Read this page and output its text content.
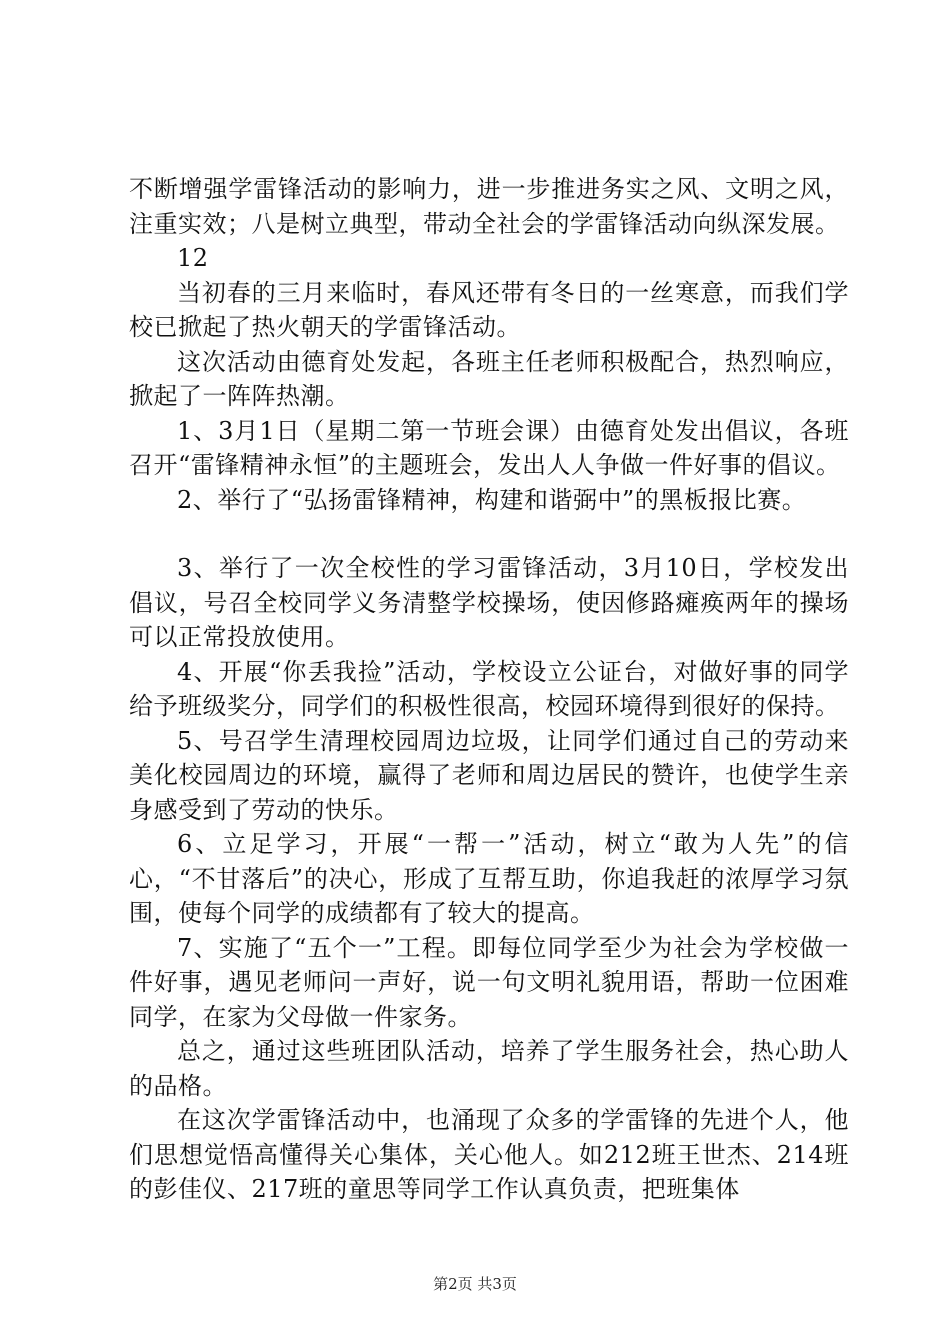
不断增强学雷锋活动的影响力，进一步推进务实之风、文明之风，注重实效；八是树立典型，带动全社会的学雷锋活动向纵深发展。

12

当初春的三月来临时，春风还带有冬日的一丝寒意，而我们学校已掀起了热火朝天的学雷锋活动。

这次活动由德育处发起，各班主任老师积极配合，热烈响应，掀起了一阵阵热潮。

1、3月1日（星期二第一节班会课）由德育处发出倡议，各班召开“雷锋精神永恒”的主题班会，发出人人争做一件好事的倡议。

2、举行了“弘扬雷锋精神，构建和谐弼中”的黑板报比赛。

3、举行了一次全校性的学习雷锋活动，3月10日，学校发出倡议，号召全校同学义务清整学校操场，使因修路瘫痪两年的操场可以正常投放使用。

4、开展“你丢我捡”活动，学校设立公证台，对做好事的同学给予班级奖分，同学们的积极性很高，校园环境得到很好的保持。

5、号召学生清理校园周边垃圾，让同学们通过自己的劳动来美化校园周边的环境，赢得了老师和周边居民的赞许，也使学生亲身感受到了劳动的快乐。

6、立足学习，开展“一帮一”活动，树立“敢为人先”的信心，“不甘落后”的决心，形成了互帮互助，你追我赶的浓厚学习氛围，使每个同学的成绩都有了较大的提高。

7、实施了“五个一”工程。即每位同学至少为社会为学校做一件好事，遇见老师问一声好，说一句文明礼貌用语，帮助一位困难同学，在家为父母做一件家务。

总之，通过这些班团队活动，培养了学生服务社会，热心助人的品格。

在这次学雷锋活动中，也涌现了众多的学雷锋的先进个人，他们思想觉悟高懂得关心集体，关心他人。如212班王世杰、214班的彭佳仪、217班的童思等同学工作认真负责，把班集体

第2页 共3页
